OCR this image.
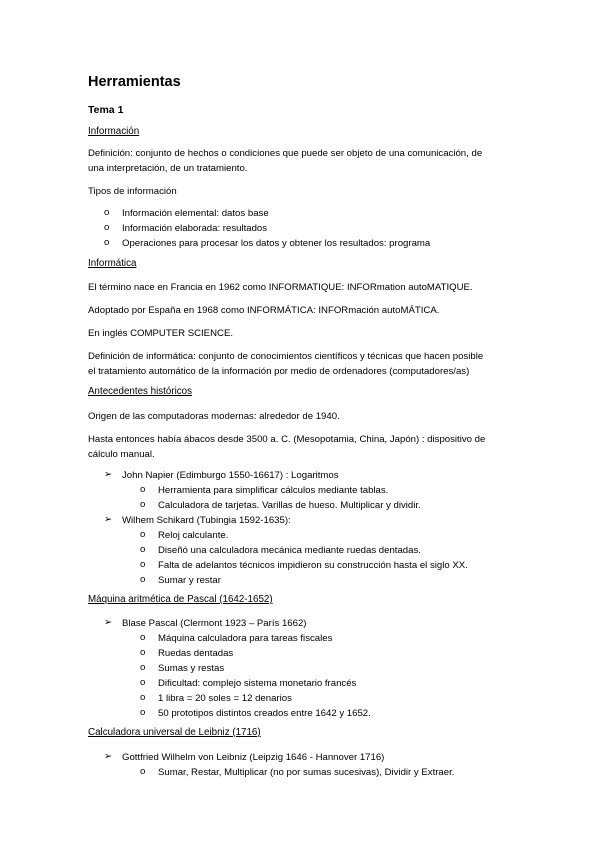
Herramientas
Tema 1
Información
Definición: conjunto de hechos o condiciones que puede ser objeto de una comunicación, de
una interpretación, de un tratamiento.
Tipos de información
o Información elemental: datos base
o Información elaborada: resultados
o Operaciones para procesar los datos y obtener los resultados: programa
Informática
El término nace en Francia en 1962 como INFORMATIQUE: INFORmation autoMATIQUE.
Adoptado por España en 1968 como INFORMÁTICA: INFORmación autoMÁTICA.
En inglés COMPUTER SCIENCE.
Definición de informática: conjunto de conocimientos científicos y técnicas que hacen posible
el tratamiento automático de la información por medio de ordenadores (computadores/as)
Antecedentes históricos
Origen de las computadoras modernas: alrededor de 1940.
Hasta entonces había ábacos desde 3500 a. C. (Mesopotamia, China, Japón) : dispositivo de
cálculo manual.
➢ John Napier (Edimburgo 1550-16617) : Logaritmos
o Herramienta para simplificar cálculos mediante tablas.
o Calculadora de tarjetas. Varillas de hueso. Multiplicar y dividir.
➢ Wilhem Schikard (Tubingia 1592-1635):
o Reloj calculante.
o Diseñó una calculadora mecánica mediante ruedas dentadas.
o Falta de adelantos técnicos impidieron su construcción hasta el siglo XX.
o Sumar y restar
Máquina aritmética de Pascal (1642-1652)
➢ Blase Pascal (Clermont 1923 – París 1662)
o Máquina calculadora para tareas fiscales
o Ruedas dentadas
o Sumas y restas
o Dificultad: complejo sistema monetario francés
o 1 libra = 20 soles = 12 denarios
o 50 prototipos distintos creados entre 1642 y 1652.
Calculadora universal de Leibniz (1716)
➢ Gottfried Wilhelm von Leibniz (Leipzig 1646 - Hannover 1716)
o Sumar, Restar, Multiplicar (no por sumas sucesivas), Dividir y Extraer.
